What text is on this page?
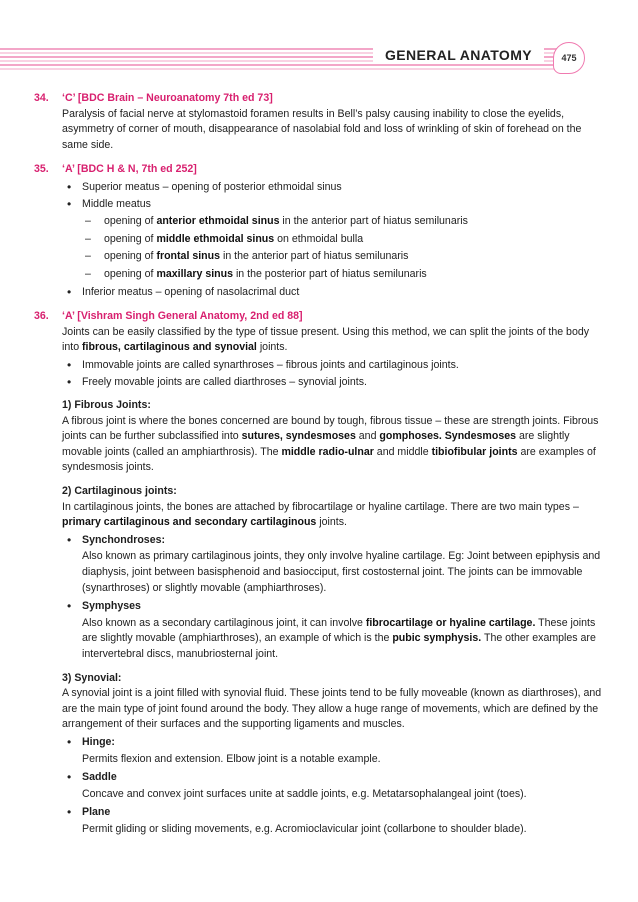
GENERAL ANATOMY	475
34.	‘C’ [BDC Brain – Neuroanatomy 7th ed 73]

Paralysis of facial nerve at stylomastoid foramen results in Bell’s palsy causing inability to close the eyelids, asymmetry of corner of mouth, disappearance of nasolabial fold and loss of wrinkling of skin of forehead on the same side.

35.	‘A’ [BDC H & N, 7th ed 252]
• Superior meatus – opening of posterior ethmoidal sinus
• Middle meatus
– opening of anterior ethmoidal sinus in the anterior part of hiatus semilunaris
– opening of middle ethmoidal sinus on ethmoidal bulla
– opening of frontal sinus in the anterior part of hiatus semilunaris
– opening of maxillary sinus in the posterior part of hiatus semilunaris
• Inferior meatus – opening of nasolacrimal duct
36.	‘A’ [Vishram Singh General Anatomy, 2nd ed 88]

Joints can be easily classified by the type of tissue present. Using this method, we can split the joints of the body into fibrous, cartilaginous and synovial joints.

• Immovable joints are called synarthroses – fibrous joints and cartilaginous joints.
• Freely movable joints are called diarthroses – synovial joints.
1) Fibrous Joints:

A fibrous joint is where the bones concerned are bound by tough, fibrous tissue – these are strength joints. Fibrous joints can be further subclassified into sutures, syndesmoses and gomphoses. Syndesmoses are slightly movable joints (called an amphiarthrosis). The middle radio-ulnar and middle tibiofibular joints are examples of syndesmosis joints.

2) Cartilaginous joints:

In cartilaginous joints, the bones are attached by fibrocartilage or hyaline cartilage. There are two main types – primary cartilaginous and secondary cartilaginous joints.

• Synchondroses:

Also known as primary cartilaginous joints, they only involve hyaline cartilage. Eg: Joint between epiphysis and diaphysis, joint between basisphenoid and basiocciput, first costosternal joint. The joints can be immovable (synarthroses) or slightly movable (amphiarthroses).

• Symphyses

Also known as a secondary cartilaginous joint, it can involve fibrocartilage or hyaline cartilage. These joints are slightly movable (amphiarthroses), an example of which is the pubic symphysis. The other examples are intervertebral discs, manubriosternal joint.

3) Synovial:

A synovial joint is a joint filled with synovial fluid. These joints tend to be fully moveable (known as diarthroses), and are the main type of joint found around the body. They allow a huge range of movements, which are defined by the arrangement of their surfaces and the supporting ligaments and muscles.

• Hinge:

Permits flexion and extension. Elbow joint is a notable example.

• Saddle

Concave and convex joint surfaces unite at saddle joints, e.g. Metatarsophalangeal joint (toes).

• Plane

Permit gliding or sliding movements, e.g. Acromioclavicular joint (collarbone to shoulder blade).
